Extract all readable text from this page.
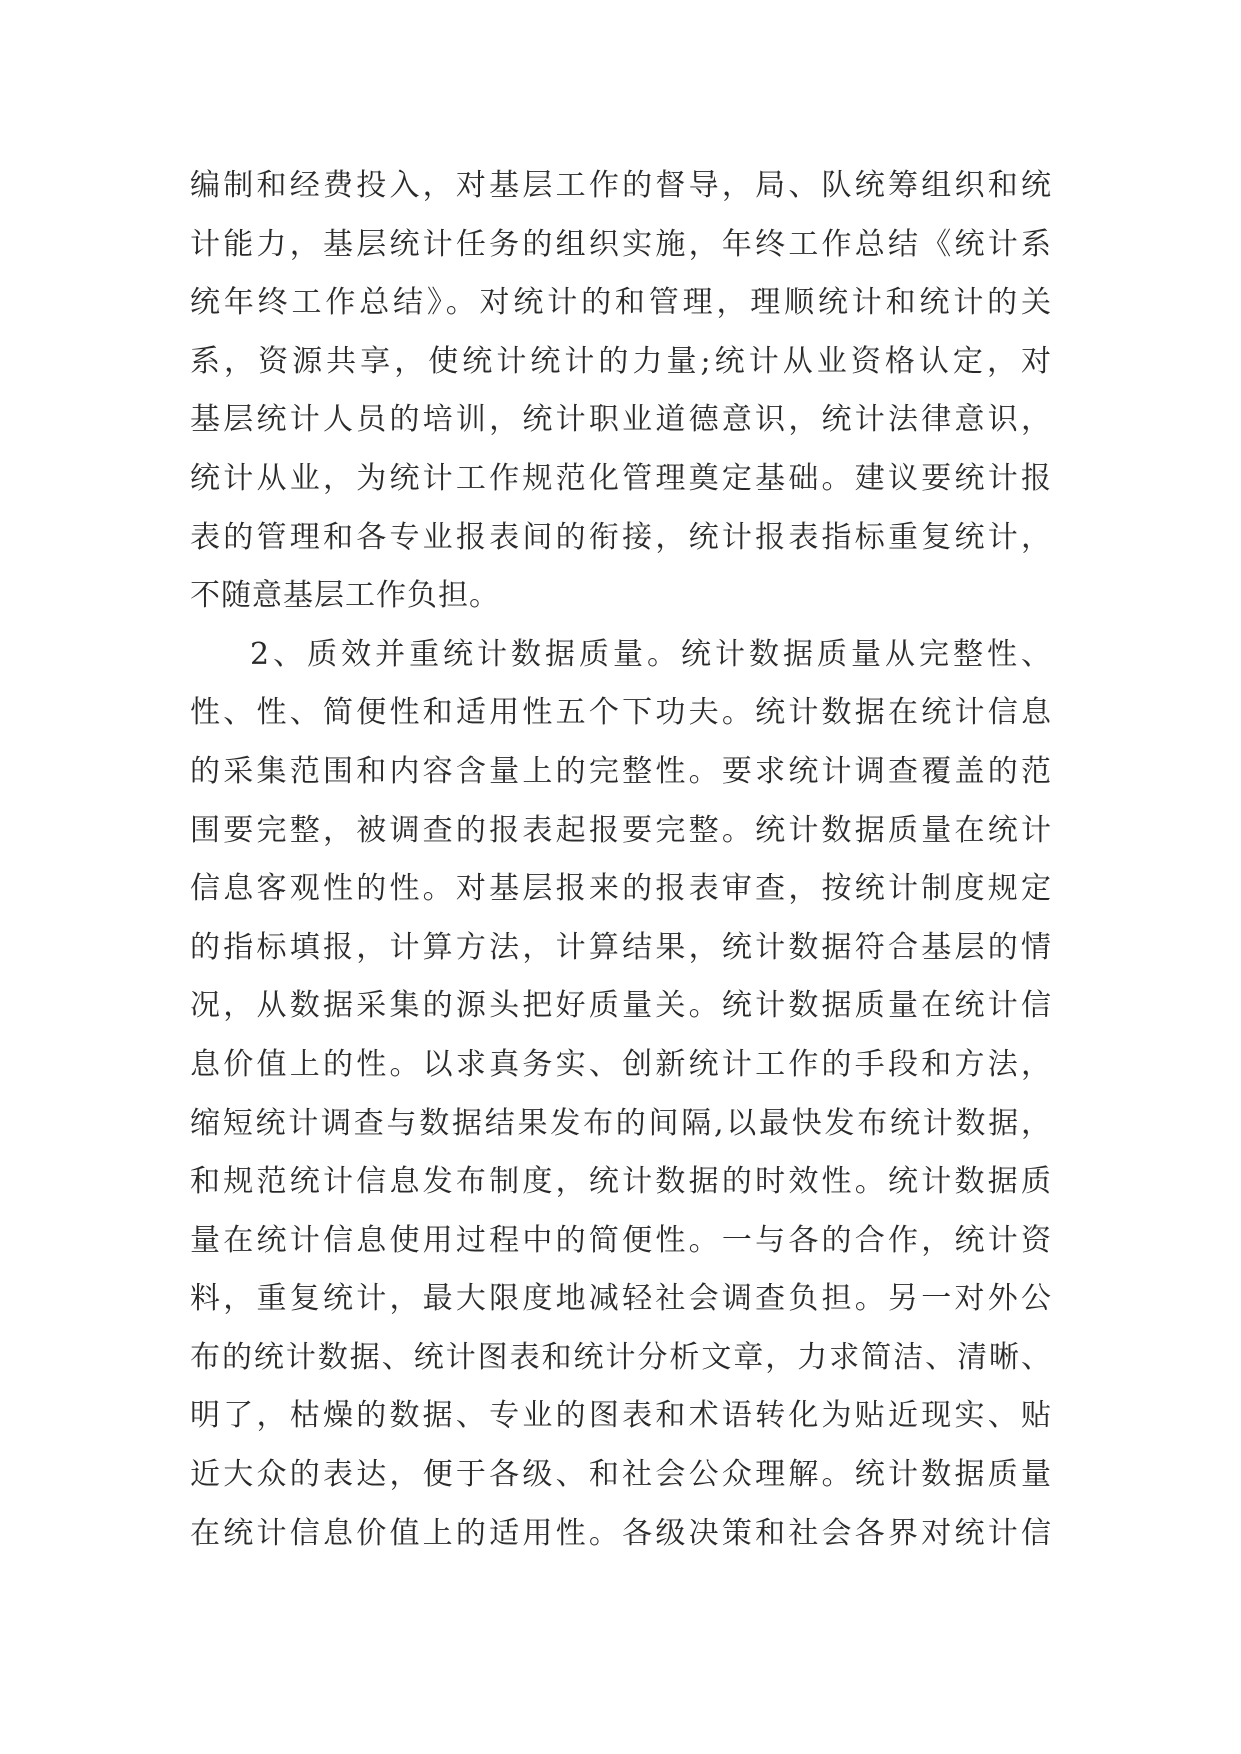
编制和经费投入，对基层工作的督导，局、队统筹组织和统
计能力，基层统计任务的组织实施，年终工作总结《统计系
统年终工作总结》。对统计的和管理，理顺统计和统计的关
系，资源共享，使统计统计的力量;统计从业资格认定，对
基层统计人员的培训，统计职业道德意识，统计法律意识，
统计从业，为统计工作规范化管理奠定基础。建议要统计报
表的管理和各专业报表间的衔接，统计报表指标重复统计，
不随意基层工作负担。
2、质效并重统计数据质量。统计数据质量从完整性、
性、性、简便性和适用性五个下功夫。统计数据在统计信息
的采集范围和内容含量上的完整性。要求统计调查覆盖的范
围要完整，被调查的报表起报要完整。统计数据质量在统计
信息客观性的性。对基层报来的报表审查，按统计制度规定
的指标填报，计算方法，计算结果，统计数据符合基层的情
况，从数据采集的源头把好质量关。统计数据质量在统计信
息价值上的性。以求真务实、创新统计工作的手段和方法，
缩短统计调查与数据结果发布的间隔,以最快发布统计数据，
和规范统计信息发布制度，统计数据的时效性。统计数据质
量在统计信息使用过程中的简便性。一与各的合作，统计资
料，重复统计，最大限度地减轻社会调查负担。另一对外公
布的统计数据、统计图表和统计分析文章，力求简洁、清晰、
明了，枯燥的数据、专业的图表和术语转化为贴近现实、贴
近大众的表达，便于各级、和社会公众理解。统计数据质量
在统计信息价值上的适用性。各级决策和社会各界对统计信
